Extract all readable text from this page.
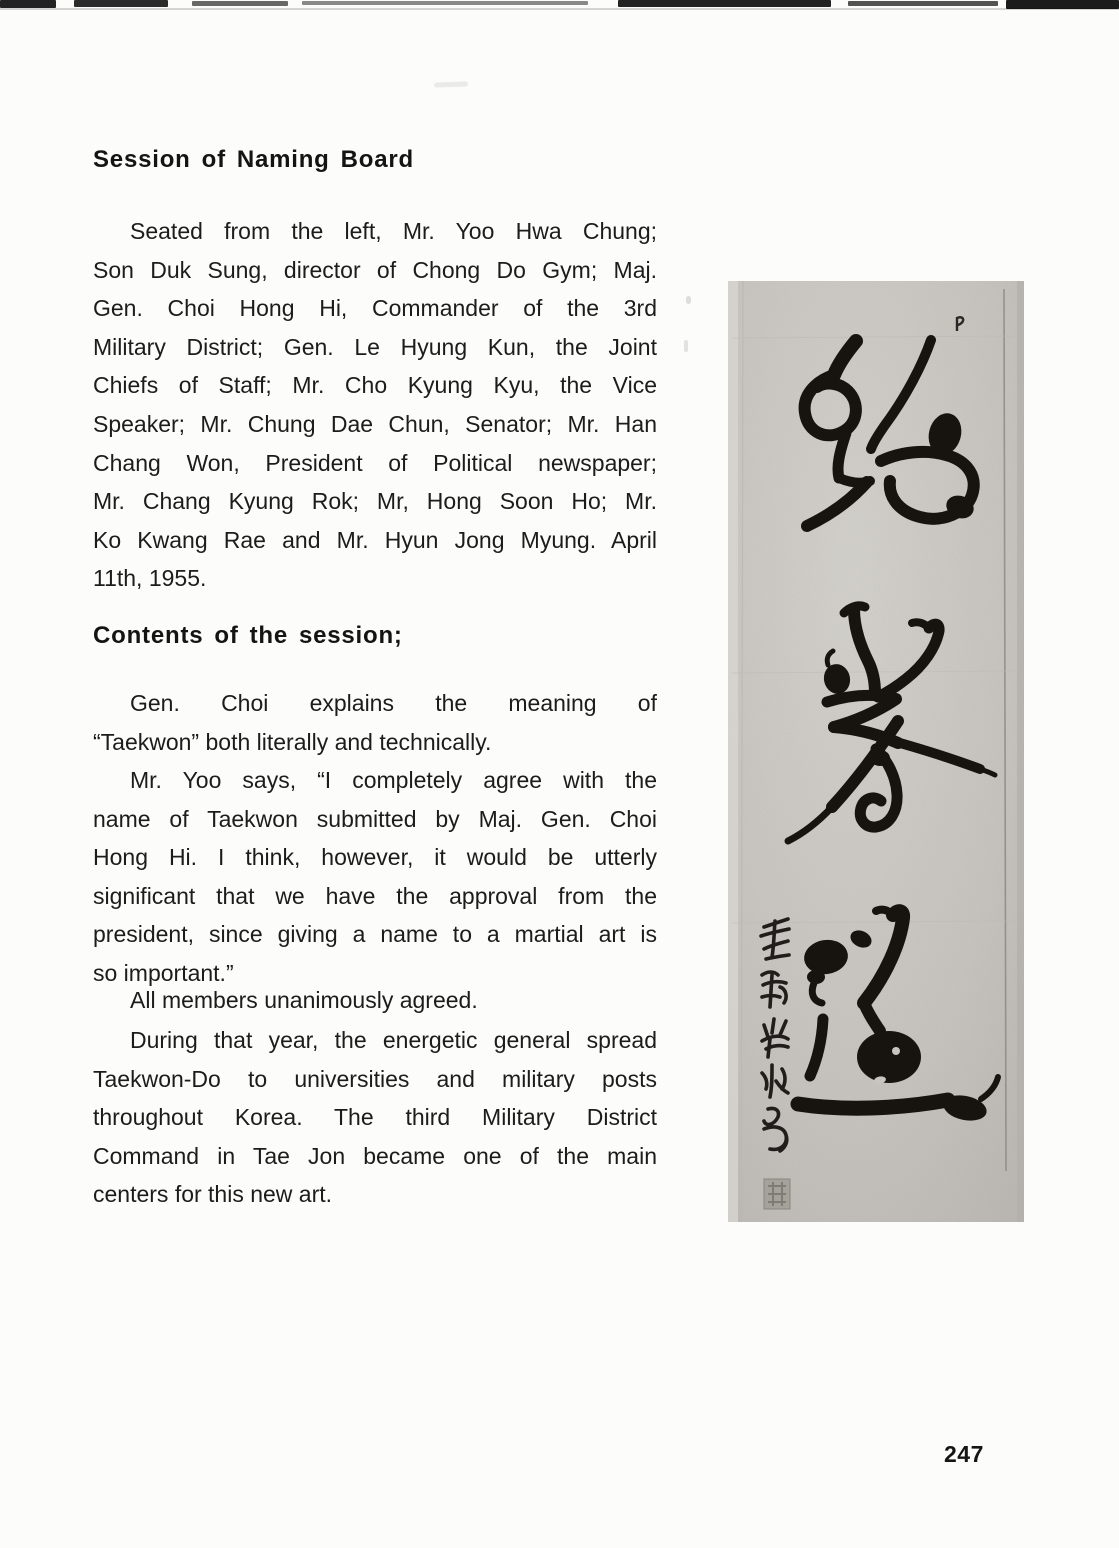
Session of Naming Board
Seated from the left, Mr. Yoo Hwa Chung;
Son Duk Sung, director of Chong Do Gym; Maj.
Gen. Choi Hong Hi, Commander of the 3rd
Military District; Gen. Le Hyung Kun, the Joint
Chiefs of Staff; Mr. Cho Kyung Kyu, the Vice
Speaker; Mr. Chung Dae Chun, Senator; Mr. Han
Chang Won, President of Political newspaper;
Mr. Chang Kyung Rok; Mr, Hong Soon Ho; Mr.
Ko Kwang Rae and Mr. Hyun Jong Myung. April
11th, 1955.
Contents of the session;
Gen. Choi explains the meaning of
“Taekwon” both literally and technically.
Mr. Yoo says, “I completely agree with the
name of Taekwon submitted by Maj. Gen. Choi
Hong Hi. I think, however, it would be utterly
significant that we have the approval from the
president, since giving a name to a martial art is
so important.”
All members unanimously agreed.
During that year, the energetic general spread
Taekwon-Do to universities and military posts
throughout Korea. The third Military District
Command in Tae Jon became one of the main
centers for this new art.
247
